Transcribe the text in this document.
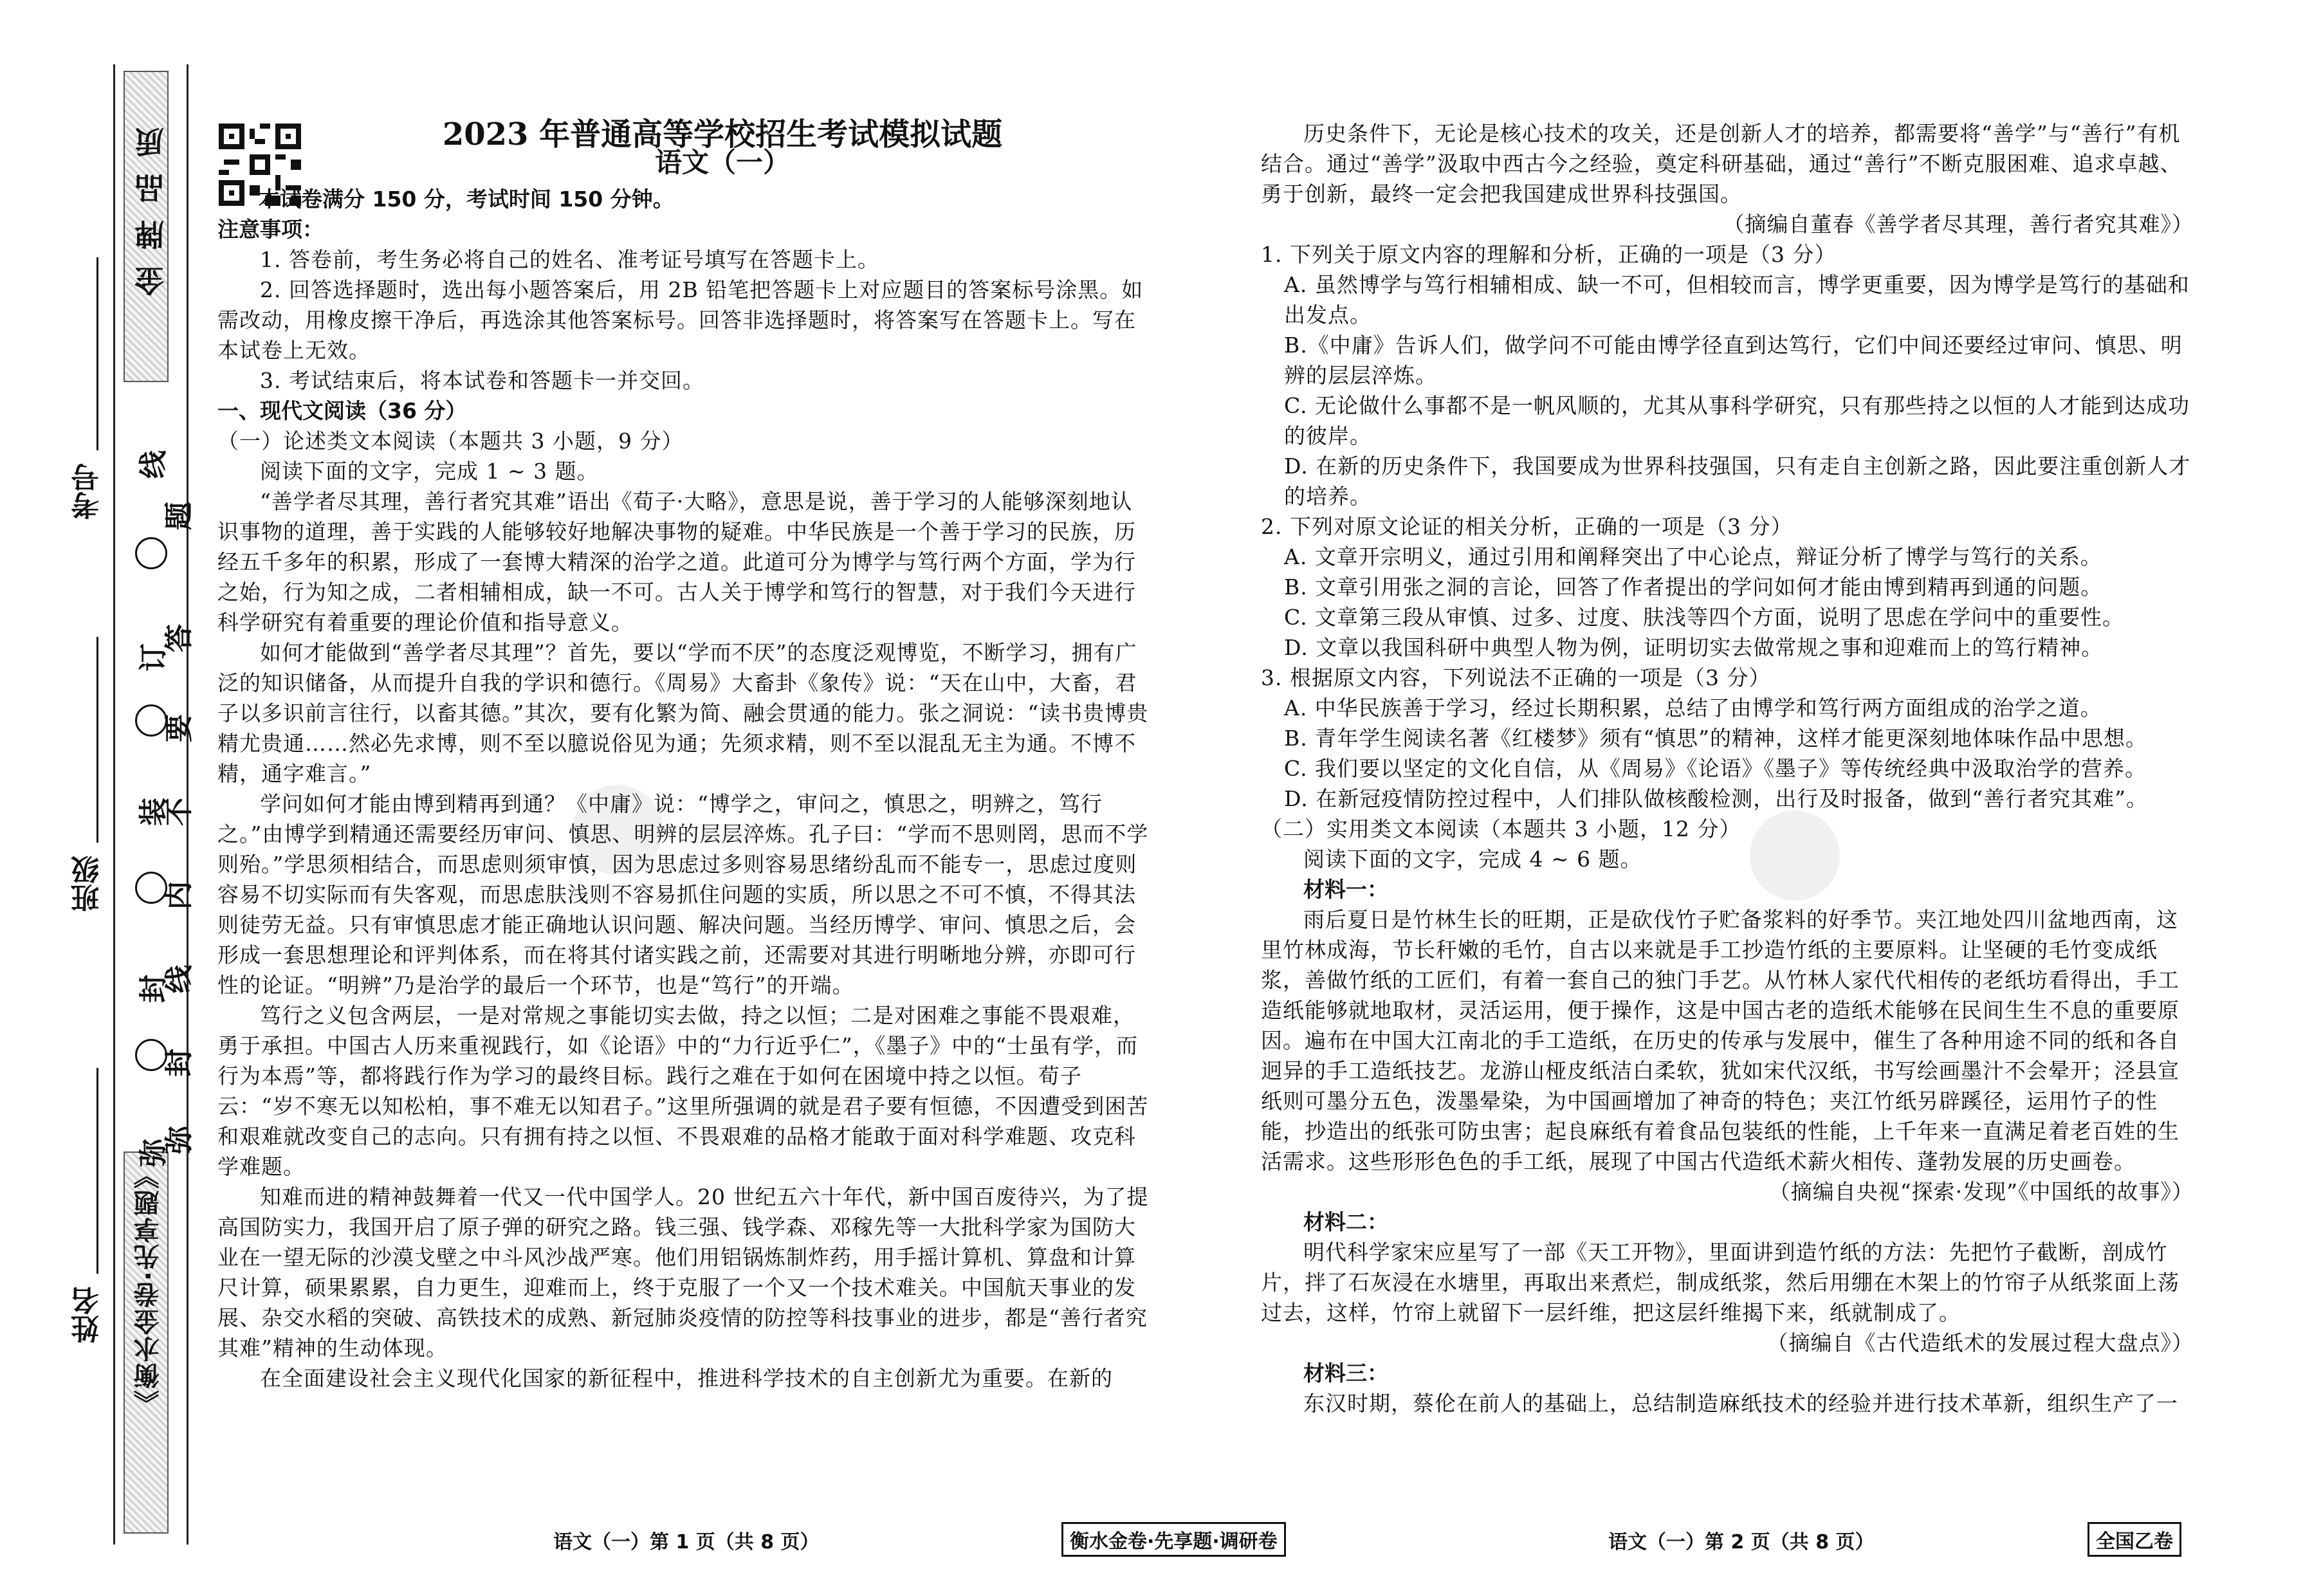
金牌品质
《衡水金卷·先享题》
考号
班级
姓名
线
订
装
封
弥
题
答
要
不
内
线
封
弥
2023 年普通高等学校招生考试模拟试题
语文（一）

本试卷满分 150 分，考试时间 150 分钟。

注意事项：

1. 答卷前，考生务必将自己的姓名、准考证号填写在答题卡上。

2. 回答选择题时，选出每小题答案后，用 2B 铅笔把答题卡上对应题目的答案标号涂黑。如需改动，用橡皮擦干净后，再选涂其他答案标号。回答非选择题时，将答案写在答题卡上。写在本试卷上无效。

3. 考试结束后，将本试卷和答题卡一并交回。

一、现代文阅读（36 分）

（一）论述类文本阅读（本题共 3 小题，9 分）

阅读下面的文字，完成 1 ~ 3 题。

“善学者尽其理，善行者究其难”语出《荀子·大略》，意思是说，善于学习的人能够深刻地认识事物的道理，善于实践的人能够较好地解决事物的疑难。中华民族是一个善于学习的民族，历经五千多年的积累，形成了一套博大精深的治学之道。此道可分为博学与笃行两个方面，学为行之始，行为知之成，二者相辅相成，缺一不可。古人关于博学和笃行的智慧，对于我们今天进行科学研究有着重要的理论价值和指导意义。

如何才能做到“善学者尽其理”？首先，要以“学而不厌”的态度泛观博览，不断学习，拥有广泛的知识储备，从而提升自我的学识和德行。《周易》大畜卦《象传》说：“天在山中，大畜，君子以多识前言往行，以畜其德。”其次，要有化繁为简、融会贯通的能力。张之洞说：“读书贵博贵精尤贵通……然必先求博，则不至以臆说俗见为通；先须求精，则不至以混乱无主为通。不博不精，通字难言。”

学问如何才能由博到精再到通？《中庸》说：“博学之，审问之，慎思之，明辨之，笃行之。”由博学到精通还需要经历审问、慎思、明辨的层层淬炼。孔子曰：“学而不思则罔，思而不学则殆。”学思须相结合，而思虑则须审慎，因为思虑过多则容易思绪纷乱而不能专一，思虑过度则容易不切实际而有失客观，而思虑肤浅则不容易抓住问题的实质，所以思之不可不慎，不得其法则徒劳无益。只有审慎思虑才能正确地认识问题、解决问题。当经历博学、审问、慎思之后，会形成一套思想理论和评判体系，而在将其付诸实践之前，还需要对其进行明晰地分辨，亦即可行性的论证。“明辨”乃是治学的最后一个环节，也是“笃行”的开端。

笃行之义包含两层，一是对常规之事能切实去做，持之以恒；二是对困难之事能不畏艰难，勇于承担。中国古人历来重视践行，如《论语》中的“力行近乎仁”，《墨子》中的“士虽有学，而行为本焉”等，都将践行作为学习的最终目标。践行之难在于如何在困境中持之以恒。荀子云：“岁不寒无以知松柏，事不难无以知君子。”这里所强调的就是君子要有恒德，不因遭受到困苦和艰难就改变自己的志向。只有拥有持之以恒、不畏艰难的品格才能敢于面对科学难题、攻克科学难题。

知难而进的精神鼓舞着一代又一代中国学人。20 世纪五六十年代，新中国百废待兴，为了提高国防实力，我国开启了原子弹的研究之路。钱三强、钱学森、邓稼先等一大批科学家为国防大业在一望无际的沙漠戈壁之中斗风沙战严寒。他们用铝锅炼制炸药，用手摇计算机、算盘和计算尺计算，硕果累累，自力更生，迎难而上，终于克服了一个又一个技术难关。中国航天事业的发展、杂交水稻的突破、高铁技术的成熟、新冠肺炎疫情的防控等科技事业的进步，都是“善行者究其难”精神的生动体现。

在全面建设社会主义现代化国家的新征程中，推进科学技术的自主创新尤为重要。在新的

语文（一）第 1 页（共 8 页）	衡水金卷·先享题·调研卷

历史条件下，无论是核心技术的攻关，还是创新人才的培养，都需要将“善学”与“善行”有机结合。通过“善学”汲取中西古今之经验，奠定科研基础，通过“善行”不断克服困难、追求卓越、勇于创新，最终一定会把我国建成世界科技强国。

（摘编自董春《善学者尽其理，善行者究其难》）

1. 下列关于原文内容的理解和分析，正确的一项是（3 分）

A. 虽然博学与笃行相辅相成、缺一不可，但相较而言，博学更重要，因为博学是笃行的基础和出发点。

B.《中庸》告诉人们，做学问不可能由博学径直到达笃行，它们中间还要经过审问、慎思、明辨的层层淬炼。

C. 无论做什么事都不是一帆风顺的，尤其从事科学研究，只有那些持之以恒的人才能到达成功的彼岸。

D. 在新的历史条件下，我国要成为世界科技强国，只有走自主创新之路，因此要注重创新人才的培养。

2. 下列对原文论证的相关分析，正确的一项是（3 分）

A. 文章开宗明义，通过引用和阐释突出了中心论点，辩证分析了博学与笃行的关系。

B. 文章引用张之洞的言论，回答了作者提出的学问如何才能由博到精再到通的问题。

C. 文章第三段从审慎、过多、过度、肤浅等四个方面，说明了思虑在学问中的重要性。

D. 文章以我国科研中典型人物为例，证明切实去做常规之事和迎难而上的笃行精神。

3. 根据原文内容，下列说法不正确的一项是（3 分）

A. 中华民族善于学习，经过长期积累，总结了由博学和笃行两方面组成的治学之道。

B. 青年学生阅读名著《红楼梦》须有“慎思”的精神，这样才能更深刻地体味作品中思想。

C. 我们要以坚定的文化自信，从《周易》《论语》《墨子》等传统经典中汲取治学的营养。

D. 在新冠疫情防控过程中，人们排队做核酸检测，出行及时报备，做到“善行者究其难”。

（二）实用类文本阅读（本题共 3 小题，12 分）

阅读下面的文字，完成 4 ~ 6 题。

材料一：

雨后夏日是竹林生长的旺期，正是砍伐竹子贮备浆料的好季节。夹江地处四川盆地西南，这里竹林成海，节长秆嫩的毛竹，自古以来就是手工抄造竹纸的主要原料。让坚硬的毛竹变成纸浆，善做竹纸的工匠们，有着一套自己的独门手艺。从竹林人家代代相传的老纸坊看得出，手工造纸能够就地取材，灵活运用，便于操作，这是中国古老的造纸术能够在民间生生不息的重要原因。遍布在中国大江南北的手工造纸，在历史的传承与发展中，催生了各种用途不同的纸和各自迥异的手工造纸技艺。龙游山桠皮纸洁白柔软，犹如宋代汉纸，书写绘画墨汁不会晕开；泾县宣纸则可墨分五色，泼墨晕染，为中国画增加了神奇的特色；夹江竹纸另辟蹊径，运用竹子的性能，抄造出的纸张可防虫害；起良麻纸有着食品包装纸的性能，上千年来一直满足着老百姓的生活需求。这些形形色色的手工纸，展现了中国古代造纸术薪火相传、蓬勃发展的历史画卷。

（摘编自央视“探索·发现”《中国纸的故事》）

材料二：

明代科学家宋应星写了一部《天工开物》，里面讲到造竹纸的方法：先把竹子截断，剖成竹片，拌了石灰浸在水塘里，再取出来煮烂，制成纸浆，然后用绷在木架上的竹帘子从纸浆面上荡过去，这样，竹帘上就留下一层纤维，把这层纤维揭下来，纸就制成了。

（摘编自《古代造纸术的发展过程大盘点》）

材料三：

东汉时期，蔡伦在前人的基础上，总结制造麻纸技术的经验并进行技术革新，组织生产了一

语文（一）第 2 页（共 8 页）	全国乙卷
